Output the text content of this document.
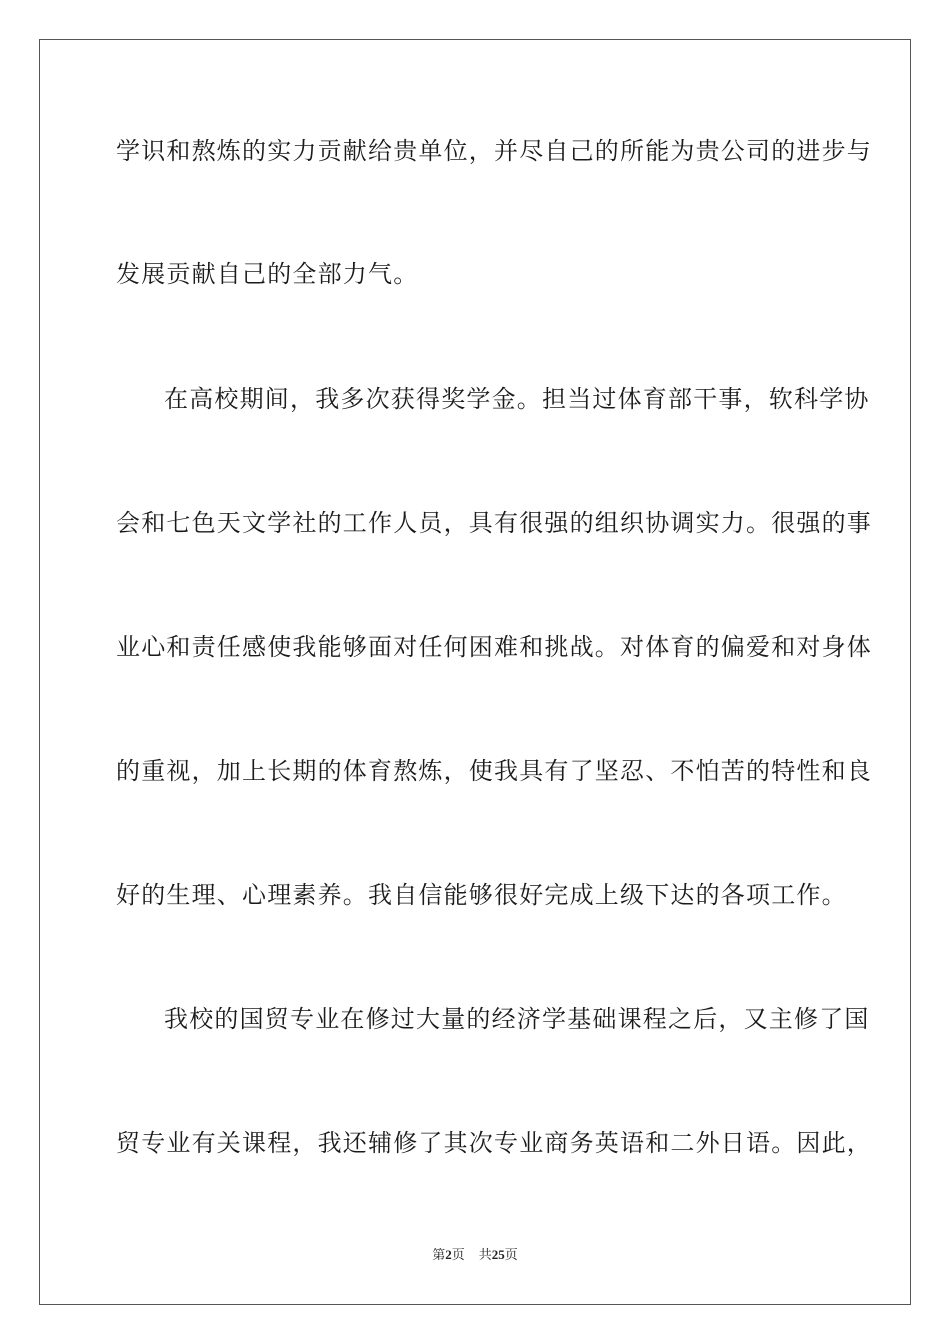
学识和熬炼的实力贡献给贵单位，并尽自己的所能为贵公司的进步与
发展贡献自己的全部力气。
在高校期间，我多次获得奖学金。担当过体育部干事，软科学协
会和七色天文学社的工作人员，具有很强的组织协调实力。很强的事
业心和责任感使我能够面对任何困难和挑战。对体育的偏爱和对身体
的重视，加上长期的体育熬炼，使我具有了坚忍、不怕苦的特性和良
好的生理、心理素养。我自信能够很好完成上级下达的各项工作。
我校的国贸专业在修过大量的经济学基础课程之后，又主修了国
贸专业有关课程，我还辅修了其次专业商务英语和二外日语。因此，
第2页 共25页
